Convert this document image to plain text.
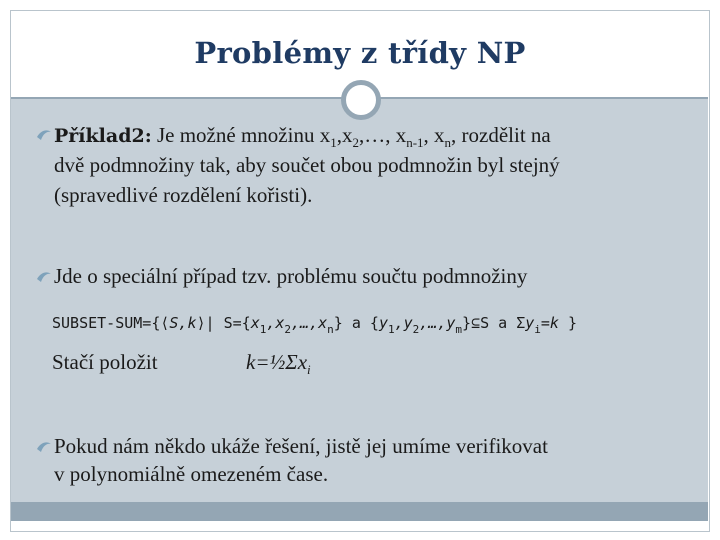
Problémy z třídy NP
Příklad2: Je možné množinu $x_1,x_2,\dots$, $x_{n-1}$, $x_n$, rozdělit na
dvě podmnožiny tak, aby součet obou podmnožin byl stejný
(spravedlivé rozdělení kořisti).
Jde o speciální případ tzv. problému součtu podmnožiny
SUBSET-SUM={⟨S,k⟩| $S=\{x_1,x_2,\dots,x_n\}$ a $\{y_1,y_2,\dots,y_m\}⊆S$ a $\Sigma y_i=k$ }
Stačí položit	$k=\frac{1}{2}\Sigma x_i$
Pokud nám někdo ukáže řešení, jistě jej umíme verifikovat
v polynomiálně omezeném čase.
